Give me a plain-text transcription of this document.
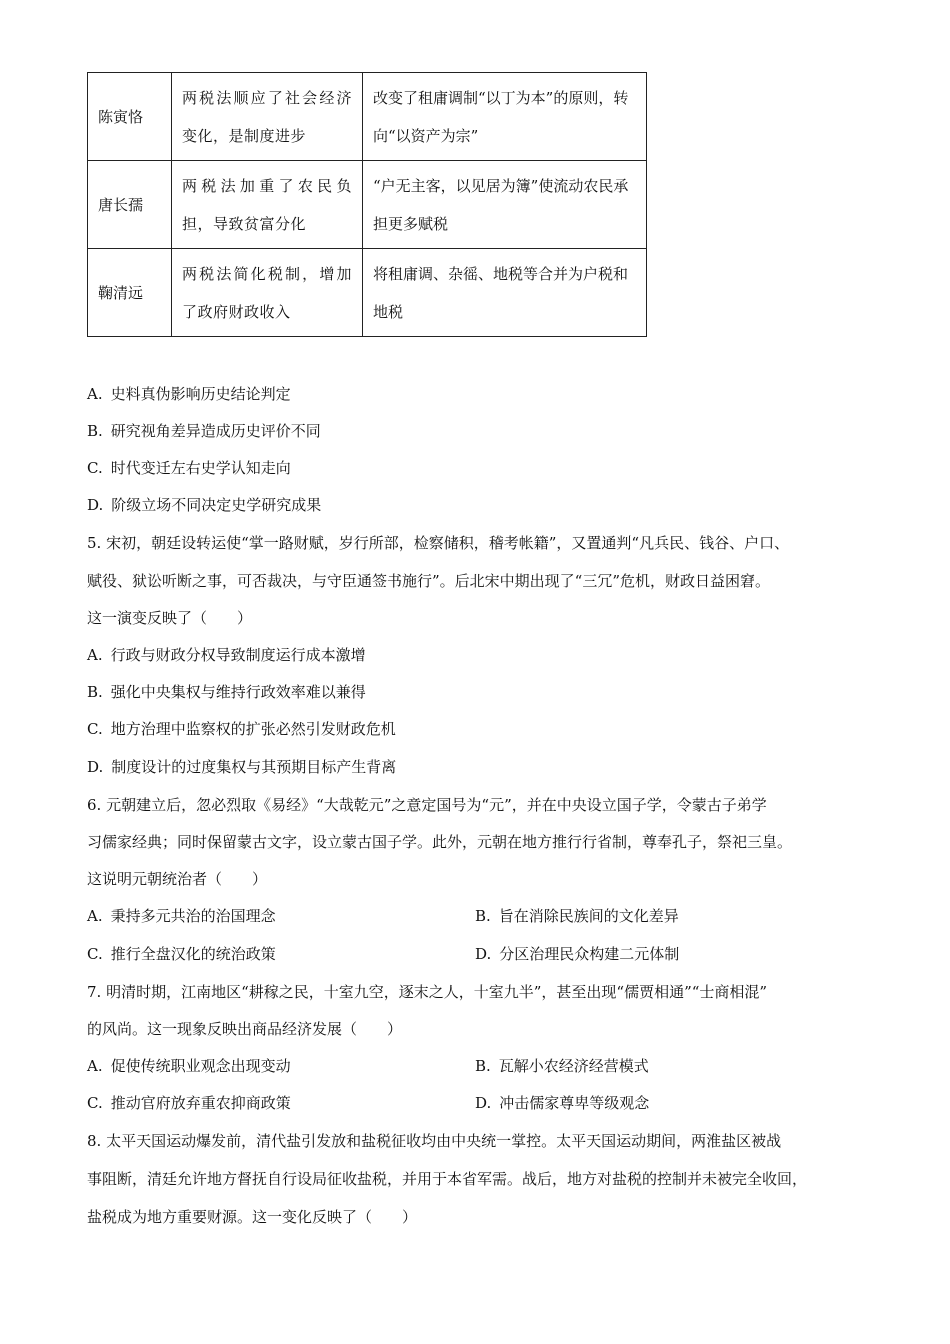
陈寅恪	两税法顺应了社会经济变化，是制度进步	改变了租庸调制“以丁为本”的原则，转向“以资产为宗”
唐长孺	两税法加重了农民负担，导致贫富分化	“户无主客，以见居为簿”使流动农民承担更多赋税
鞠清远	两税法简化税制，增加了政府财政收入	将租庸调、杂徭、地税等合并为户税和地税
A. 史料真伪影响历史结论判定
B. 研究视角差异造成历史评价不同
C. 时代变迁左右史学认知走向
D. 阶级立场不同决定史学研究成果
5. 宋初，朝廷设转运使“掌一路财赋，岁行所部，检察储积，稽考帐籍”，又置通判“凡兵民、钱谷、户口、
赋役、狱讼听断之事，可否裁决，与守臣通签书施行”。后北宋中期出现了“三冗”危机，财政日益困窘。
这一演变反映了（　　）
A. 行政与财政分权导致制度运行成本激增
B. 强化中央集权与维持行政效率难以兼得
C. 地方治理中监察权的扩张必然引发财政危机
D. 制度设计的过度集权与其预期目标产生背离
6. 元朝建立后，忽必烈取《易经》“大哉乾元”之意定国号为“元”，并在中央设立国子学，令蒙古子弟学
习儒家经典；同时保留蒙古文字，设立蒙古国子学。此外，元朝在地方推行行省制，尊奉孔子，祭祀三皇。
这说明元朝统治者（　　）
A. 秉持多元共治的治国理念	B. 旨在消除民族间的文化差异
C. 推行全盘汉化的统治政策	D. 分区治理民众构建二元体制
7. 明清时期，江南地区“耕稼之民，十室九空，逐末之人，十室九半”，甚至出现“儒贾相通”“士商相混”
的风尚。这一现象反映出商品经济发展（　　）
A. 促使传统职业观念出现变动	B. 瓦解小农经济经营模式
C. 推动官府放弃重农抑商政策	D. 冲击儒家尊卑等级观念
8. 太平天国运动爆发前，清代盐引发放和盐税征收均由中央统一掌控。太平天国运动期间，两淮盐区被战
事阻断，清廷允许地方督抚自行设局征收盐税，并用于本省军需。战后，地方对盐税的控制并未被完全收回，
盐税成为地方重要财源。这一变化反映了（　　）
